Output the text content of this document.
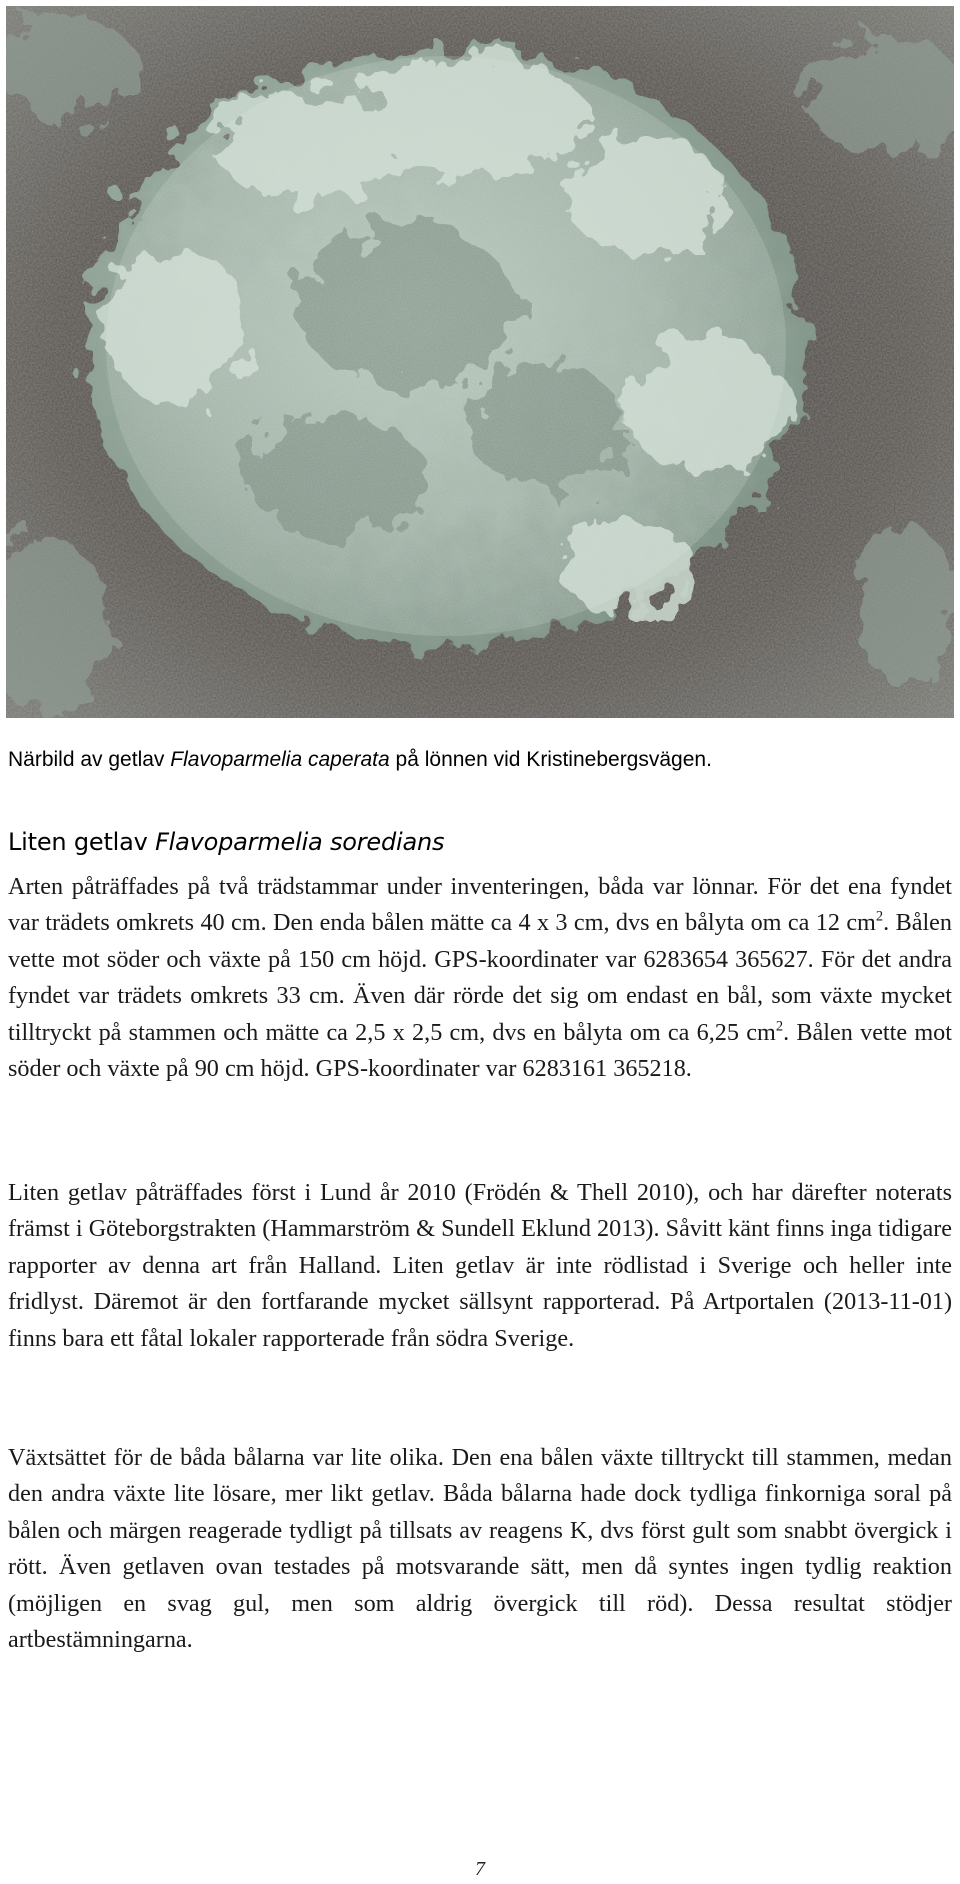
Närbild av getlav Flavoparmelia caperata på lönnen vid Kristinebergsvägen.
Liten getlav Flavoparmelia soredians
Arten påträffades på två trädstammar under inventeringen, båda var lönnar. För det ena fyndet var trädets omkrets 40 cm. Den enda bålen mätte ca 4 x 3 cm, dvs en bålyta om ca 12 $cm^2$. Bålen vette mot söder och växte på 150 cm höjd. GPS-koordinater var 6283654 365627. För det andra fyndet var trädets omkrets 33 cm. Även där rörde det sig om endast en bål, som växte mycket tilltryckt på stammen och mätte ca 2,5 x 2,5 cm, dvs en bålyta om ca 6,25 $cm^2$. Bålen vette mot söder och växte på 90 cm höjd. GPS-koordinater var 6283161 365218.
Liten getlav påträffades först i Lund år 2010 (Frödén & Thell 2010), och har därefter noterats främst i Göteborgstrakten (Hammarström & Sundell Eklund 2013). Såvitt känt finns inga tidigare rapporter av denna art från Halland. Liten getlav är inte rödlistad i Sverige och heller inte fridlyst. Däremot är den fortfarande mycket sällsynt rapporterad. På Artportalen (2013-11-01) finns bara ett fåtal lokaler rapporterade från södra Sverige.
Växtsättet för de båda bålarna var lite olika. Den ena bålen växte tilltryckt till stammen, medan den andra växte lite lösare, mer likt getlav. Båda bålarna hade dock tydliga finkorniga soral på bålen och märgen reagerade tydligt på tillsats av reagens K, dvs först gult som snabbt övergick i rött. Även getlaven ovan testades på motsvarande sätt, men då syntes ingen tydlig reaktion (möjligen en svag gul, men som aldrig övergick till röd). Dessa resultat stödjer artbestämningarna.
7
